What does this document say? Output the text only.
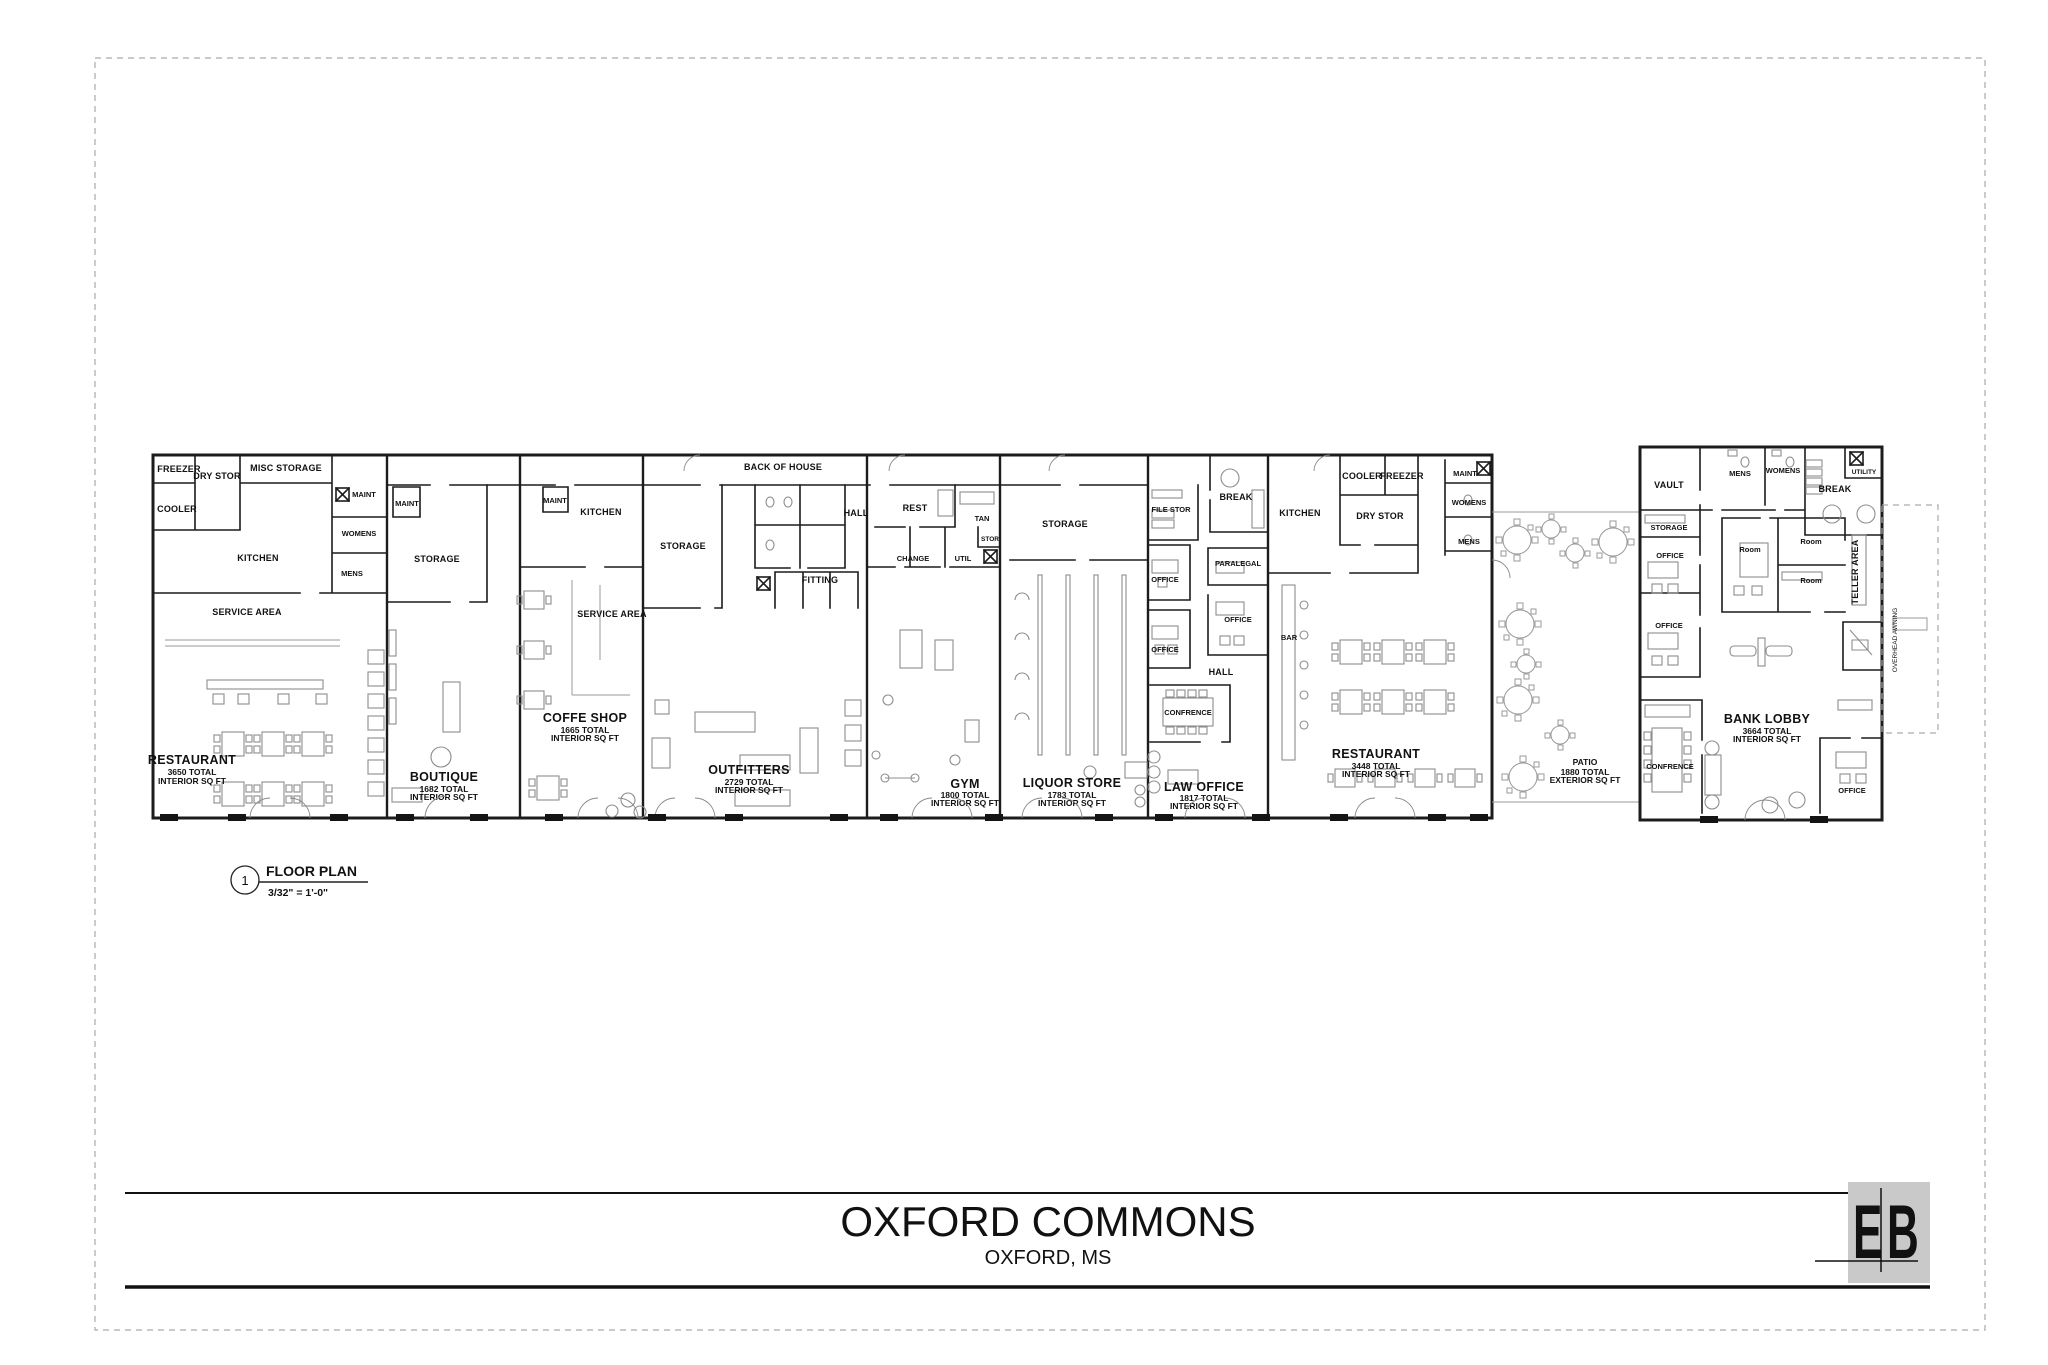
BACK OF HOUSE
FREEZER
DRY STOR
MISC STORAGE
COOLER
MAINT
WOMENS
MENS
KITCHEN
SERVICE AREA
RESTAURANT
3650 TOTAL
INTERIOR SQ FT
MAINT
STORAGE
BOUTIQUE
1682 TOTAL
INTERIOR SQ FT
MAINT
KITCHEN
SERVICE AREA
COFFE SHOP
1665 TOTAL
INTERIOR SQ FT
STORAGE
HALL
FITTING
OUTFITTERS
2729 TOTAL
INTERIOR SQ FT
REST
TAN
STOR
CHANGE	UTIL
GYM
1800 TOTAL
INTERIOR SQ FT
STORAGE
LIQUOR STORE
1783 TOTAL
INTERIOR SQ FT
FILE STOR
BREAK
OFFICE
PARALEGAL
OFFICE
OFFICE
HALL
CONFRENCE
LAW OFFICE
1817 TOTAL
INTERIOR SQ FT
KITCHEN
COOLER
FREEZER
DRY STOR
MAINT
WOMENS
MENS
BAR
RESTAURANT
3448 TOTAL
INTERIOR SQ FT
PATIO
1880 TOTAL
EXTERIOR SQ FT
VAULT
STORAGE
OFFICE
OFFICE
MENS WOMENS	UTILITY
BREAK
Room
Room
Room	TELLER AREA
CONFRENCE
OFFICE
BANK LOBBY
3664 TOTAL
INTERIOR SQ FT
OVERHEAD AWNING
1
FLOOR PLAN
3/32" = 1'-0"
OXFORD COMMONS
OXFORD, MS	E B
